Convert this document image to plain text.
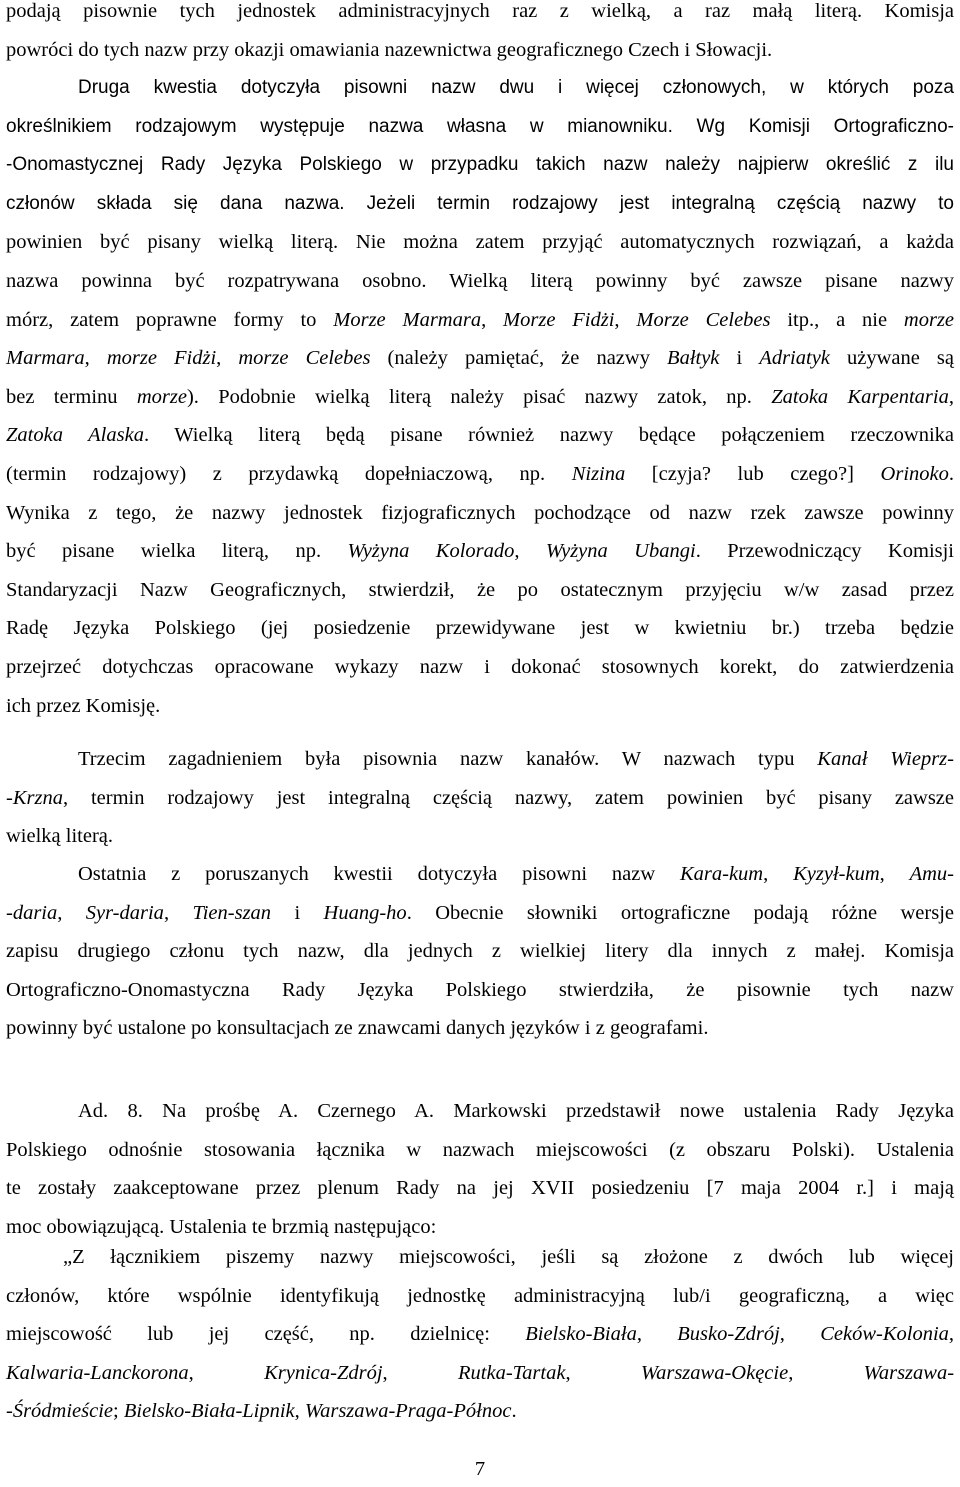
podają pisownie tych jednostek administracyjnych raz z wielką, a raz małą literą. Komisja
powróci do tych nazw przy okazji omawiania nazewnictwa geograficznego Czech i Słowacji.
Druga kwestia dotyczyła pisowni nazw dwu i więcej członowych, w których poza
określnikiem rodzajowym występuje nazwa własna w mianowniku. Wg Komisji Ortograficzno-
-Onomastycznej Rady Języka Polskiego w przypadku takich nazw należy najpierw określić z ilu
członów składa się dana nazwa. Jeżeli termin rodzajowy jest integralną częścią nazwy to
powinien być pisany wielką literą. Nie można zatem przyjąć automatycznych rozwiązań, a każda
nazwa powinna być rozpatrywana osobno. Wielką literą powinny być zawsze pisane nazwy
mórz, zatem poprawne formy to Morze Marmara, Morze Fidżi, Morze Celebes itp., a nie morze
Marmara, morze Fidżi, morze Celebes (należy pamiętać, że nazwy Bałtyk i Adriatyk używane są
bez terminu morze). Podobnie wielką literą należy pisać nazwy zatok, np. Zatoka Karpentaria,
Zatoka Alaska. Wielką literą będą pisane również nazwy będące połączeniem rzeczownika
(termin rodzajowy) z przydawką dopełniaczową, np. Nizina [czyja? lub czego?] Orinoko.
Wynika z tego, że nazwy jednostek fizjograficznych pochodzące od nazw rzek zawsze powinny
być pisane wielka literą, np. Wyżyna Kolorado, Wyżyna Ubangi. Przewodniczący Komisji
Standaryzacji Nazw Geograficznych, stwierdził, że po ostatecznym przyjęciu w/w zasad przez
Radę Języka Polskiego (jej posiedzenie przewidywane jest w kwietniu br.) trzeba będzie
przejrzeć dotychczas opracowane wykazy nazw i dokonać stosownych korekt, do zatwierdzenia
ich przez Komisję.
Trzecim zagadnieniem była pisownia nazw kanałów. W nazwach typu Kanał Wieprz-
-Krzna, termin rodzajowy jest integralną częścią nazwy, zatem powinien być pisany zawsze
wielką literą.
Ostatnia z poruszanych kwestii dotyczyła pisowni nazw Kara-kum, Kyzył-kum, Amu-
-daria, Syr-daria, Tien-szan i Huang-ho. Obecnie słowniki ortograficzne podają różne wersje
zapisu drugiego członu tych nazw, dla jednych z wielkiej litery dla innych z małej. Komisja
Ortograficzno-Onomastyczna Rady Języka Polskiego stwierdziła, że pisownie tych nazw
powinny być ustalone po konsultacjach ze znawcami danych języków i z geografami.
Ad. 8. Na prośbę A. Czernego A. Markowski przedstawił nowe ustalenia Rady Języka
Polskiego odnośnie stosowania łącznika w nazwach miejscowości (z obszaru Polski). Ustalenia
te zostały zaakceptowane przez plenum Rady na jej XVII posiedzeniu [7 maja 2004 r.] i mają
moc obowiązującą. Ustalenia te brzmią następująco:
„Z łącznikiem piszemy nazwy miejscowości, jeśli są złożone z dwóch lub więcej
członów, które wspólnie identyfikują jednostkę administracyjną lub/i geograficzną, a więc
miejscowość lub jej część, np. dzielnicę: Bielsko-Biała, Busko-Zdrój, Ceków-Kolonia,
Kalwaria-Lanckorona, Krynica-Zdrój, Rutka-Tartak, Warszawa-Okęcie, Warszawa-
-Śródmieście; Bielsko-Biała-Lipnik, Warszawa-Praga-Północ.
7
